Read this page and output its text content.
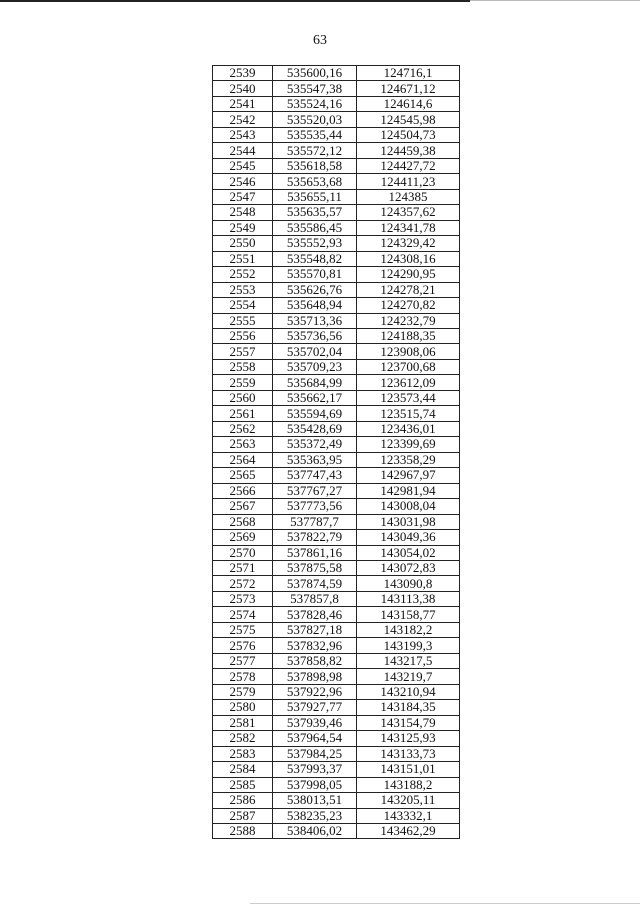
63
2539	535600,16	124716,1
2540	535547,38	124671,12
2541	535524,16	124614,6
2542	535520,03	124545,98
2543	535535,44	124504,73
2544	535572,12	124459,38
2545	535618,58	124427,72
2546	535653,68	124411,23
2547	535655,11	124385
2548	535635,57	124357,62
2549	535586,45	124341,78
2550	535552,93	124329,42
2551	535548,82	124308,16
2552	535570,81	124290,95
2553	535626,76	124278,21
2554	535648,94	124270,82
2555	535713,36	124232,79
2556	535736,56	124188,35
2557	535702,04	123908,06
2558	535709,23	123700,68
2559	535684,99	123612,09
2560	535662,17	123573,44
2561	535594,69	123515,74
2562	535428,69	123436,01
2563	535372,49	123399,69
2564	535363,95	123358,29
2565	537747,43	142967,97
2566	537767,27	142981,94
2567	537773,56	143008,04
2568	537787,7	143031,98
2569	537822,79	143049,36
2570	537861,16	143054,02
2571	537875,58	143072,83
2572	537874,59	143090,8
2573	537857,8	143113,38
2574	537828,46	143158,77
2575	537827,18	143182,2
2576	537832,96	143199,3
2577	537858,82	143217,5
2578	537898,98	143219,7
2579	537922,96	143210,94
2580	537927,77	143184,35
2581	537939,46	143154,79
2582	537964,54	143125,93
2583	537984,25	143133,73
2584	537993,37	143151,01
2585	537998,05	143188,2
2586	538013,51	143205,11
2587	538235,23	143332,1
2588	538406,02	143462,29
